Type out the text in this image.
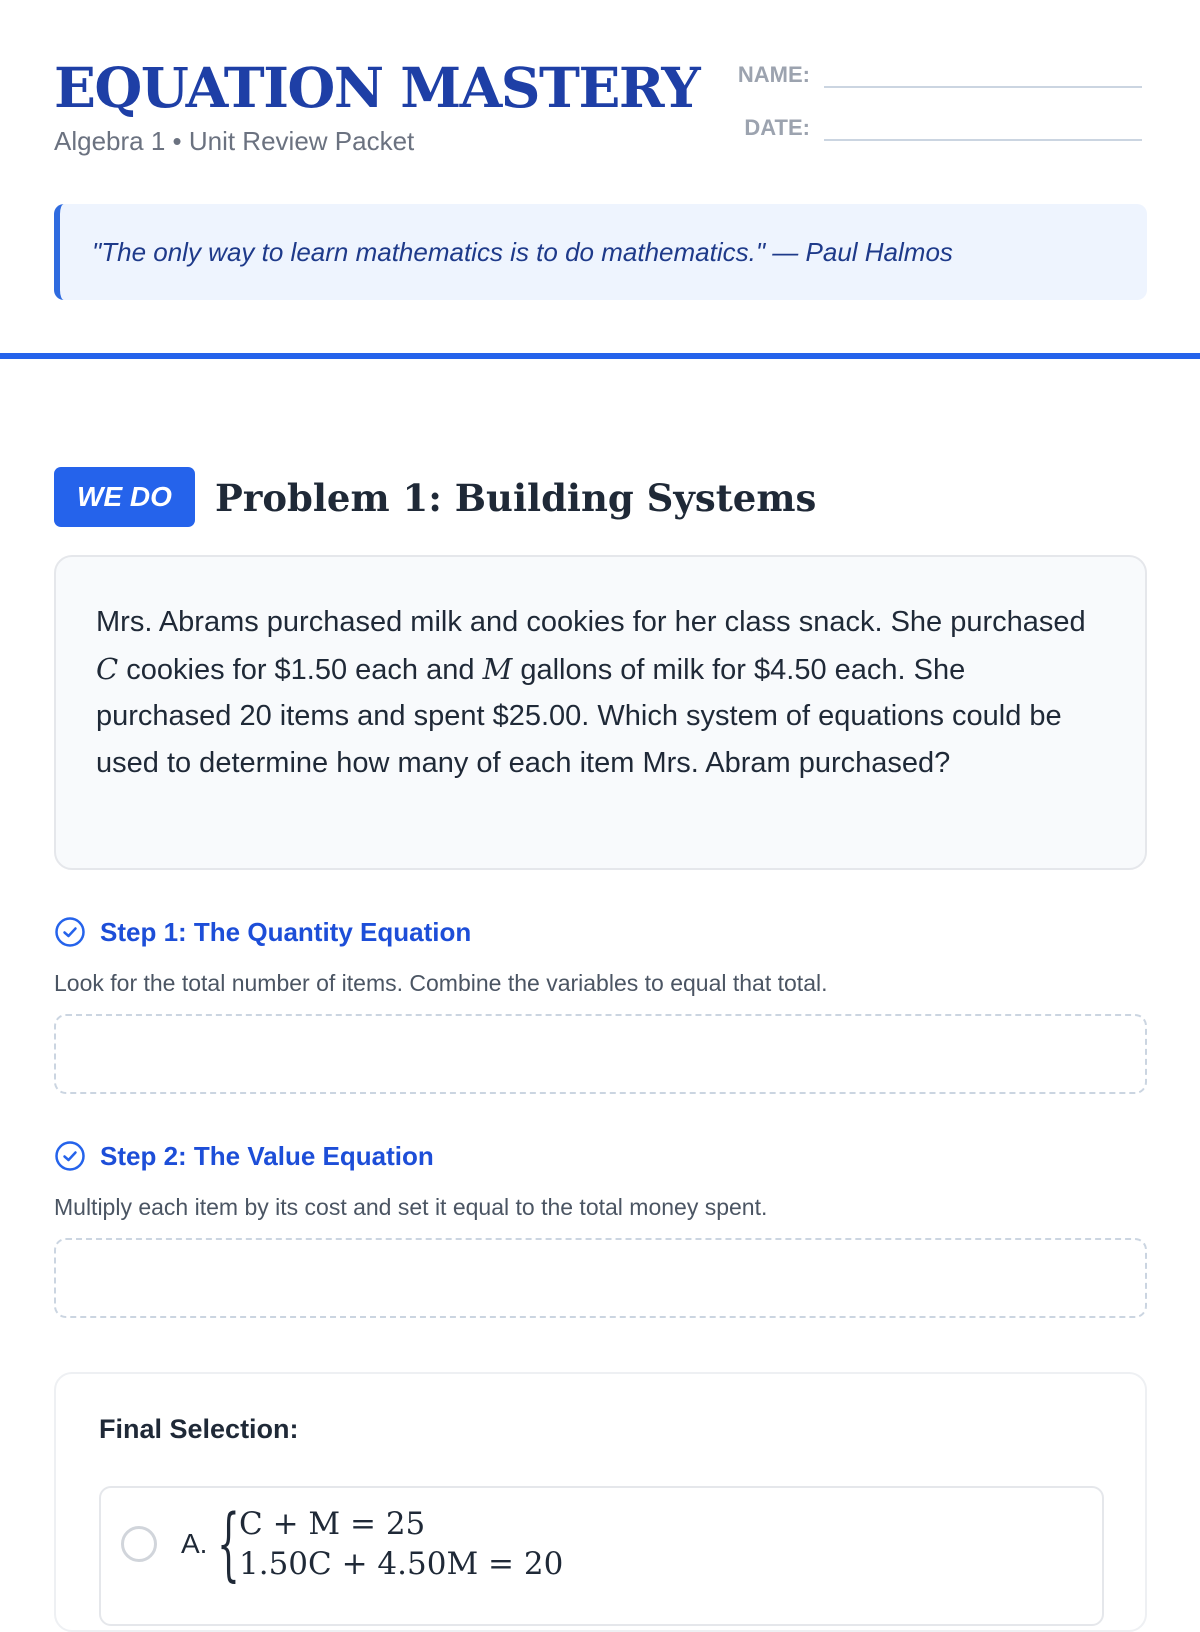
EQUATION MASTERY
Algebra 1 • Unit Review Packet
NAME:
DATE:
"The only way to learn mathematics is to do mathematics." — Paul Halmos
WE DO	Problem 1: Building Systems
Mrs. Abrams purchased milk and cookies for her class snack. She purchased C cookies for $1.50 each and M gallons of milk for $4.50 each. She purchased 20 items and spent $25.00. Which system of equations could be used to determine how many of each item Mrs. Abram purchased?
Step 1: The Quantity Equation
Look for the total number of items. Combine the variables to equal that total.
Step 2: The Value Equation
Multiply each item by its cost and set it equal to the total money spent.
Final Selection:
A. { C + M = 25
1.50C + 4.50M = 20
